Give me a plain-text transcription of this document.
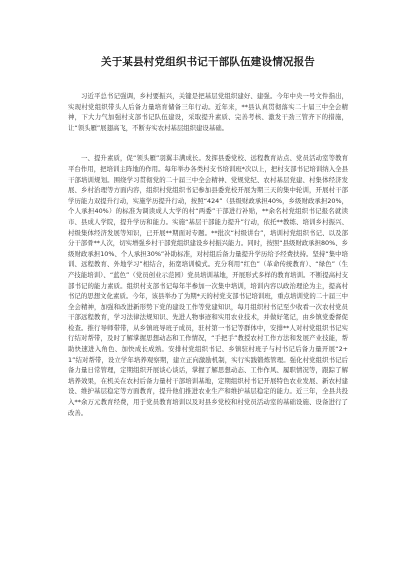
关于某县村党组织书记干部队伍建设情况报告

习近平总书记强调，乡村要振兴，关键是把基层党组织建好、建强。今年中央一号文件指出，实现村党组织带头人后备力量培育储备三年行动。近年来，**县认真贯彻落实二十届三中全会精神，下大力气加强村支部书记队伍建设，采取提升素质、完善考核、激发干劲三管齐下的措施，让“领头雁”展翅高飞，不断夯实农村基层组织建设基础。

一、提升素质，促“领头雁”羽翼丰满成长。发挥县委党校、远程教育站点、党员活动室等教育平台作用，把培训主阵地的作用。每年举办各类村支书培训班*次以上，把村支部书记培训纳入全县干部培训规划。围绕学习贯彻党的二十届三中全会精神、党规党纪、农村基层党建、村集体经济发展、乡村治理等方面内容，组织村党组织书记参加县委党校开展为期三天的集中轮训，开展村干部学历能力双提升行动，实施学历提升行动，按照“424”（县级财政承担40%，乡级财政承担20%，个人承担40%）的标准为调读成人大学的村“两委”干部进行补贴，**余名村党组织书记报名就读市、县成人学院，提升学历和能力。实施“基层干部能力提升”行动，依托**教练、培训乡村振兴、村级集体经济发展等知识，已开展**期面对专题。**批次“村级讲台”，培训村党组织书记、以及部分干部骨**人次，切实增强乡村干部党组织建设乡村振兴能力。同时，按照“县级财政承担80%、乡级财政承担10%、个人承担30%”补助标准，对村组后备力量提升学历给予经费扶持。坚持“集中培训、远程教育、外地学习”相结合，拓宽培训模式。充分利用“红色”（革命传统教育）、“绿色”（生产技能培训）、“蓝色”（党员创业示范园）党员培训基地，开展形式多样的教育培训。不断提高村支部书记的能力素质。组织村支部书记每年半参加一次集中培训，培训内容以政治理论为主，提高村书记的思想文化素质。今年，该县举办了为期*天的村党支部书记培训班，重点培训党的二十届三中全会精神，加强和改进新形势下党的建设工作等党建知识，每月组织村书记至少收看一次农村党员干部远程教育，学习法律法规知识、先进人物事迹和实用农业技术，并做好笔记，由乡镇党委督促检查。推行导师带带，从乡镇班导班子成员，驻村第一书记等群体中，安排**人对村党组织书记实行结对帮带，及时了解掌握思想动态和工作情况，“手把手”教授农村工作方法和发展产业技能，帮助快速进入角色、加快成长成熟。安排村党组织书记、乡镇驻村班子与村书记后备力量开展“2+1”结对帮带，设立学年培养观察期，建立正向激励机制，实行实践锻炼管理。强化村党组织书记后备力量日常管理，定期组织开展谈心谈话，掌握了解思想动态、工作作风、履职情况等，跟踪了解培养效果，在机关在农村后备力量村干部培训基地，定期组织村书记开展特色农业发展、新农村建设、维护基层稳定等方面教育，提升他们推进农业生产和维护基层稳定的能力。近三年，全县共投入**余万元教育经费，用于党员教育培训以及对县乡党校和村党员活动室的基础设施、设备进行了改善。
